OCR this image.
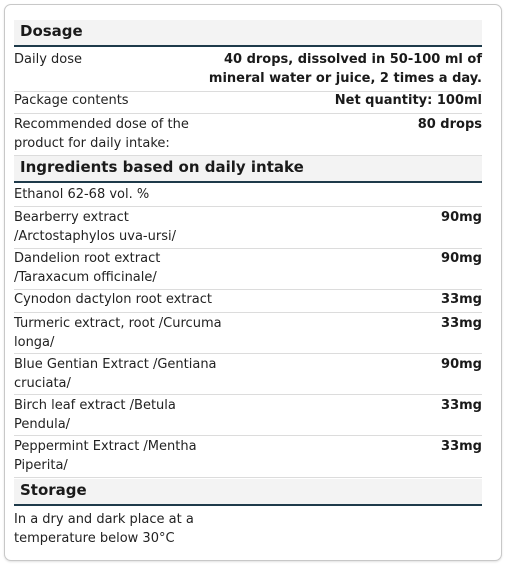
Dosage
Daily dose	40 drops, dissolved in 50-100 ml of
mineral water or juice, 2 times a day.
Package contents	Net quantity: 100ml
Recommended dose of the
product for daily intake:
80 drops
Ingredients based on daily intake
Ethanol 62-68 vol. %
Bearberry extract
/Arctostaphylos uva-ursi/
90mg
Dandelion root extract
/Taraxacum officinale/
90mg
Cynodon dactylon root extract	33mg
Turmeric extract, root /Curcuma
longa/
33mg
Blue Gentian Extract /Gentiana
cruciata/
90mg
Birch leaf extract /Betula
Pendula/
33mg
Peppermint Extract /Mentha
Piperita/
33mg
Storage
In a dry and dark place at a
temperature below 30°C
